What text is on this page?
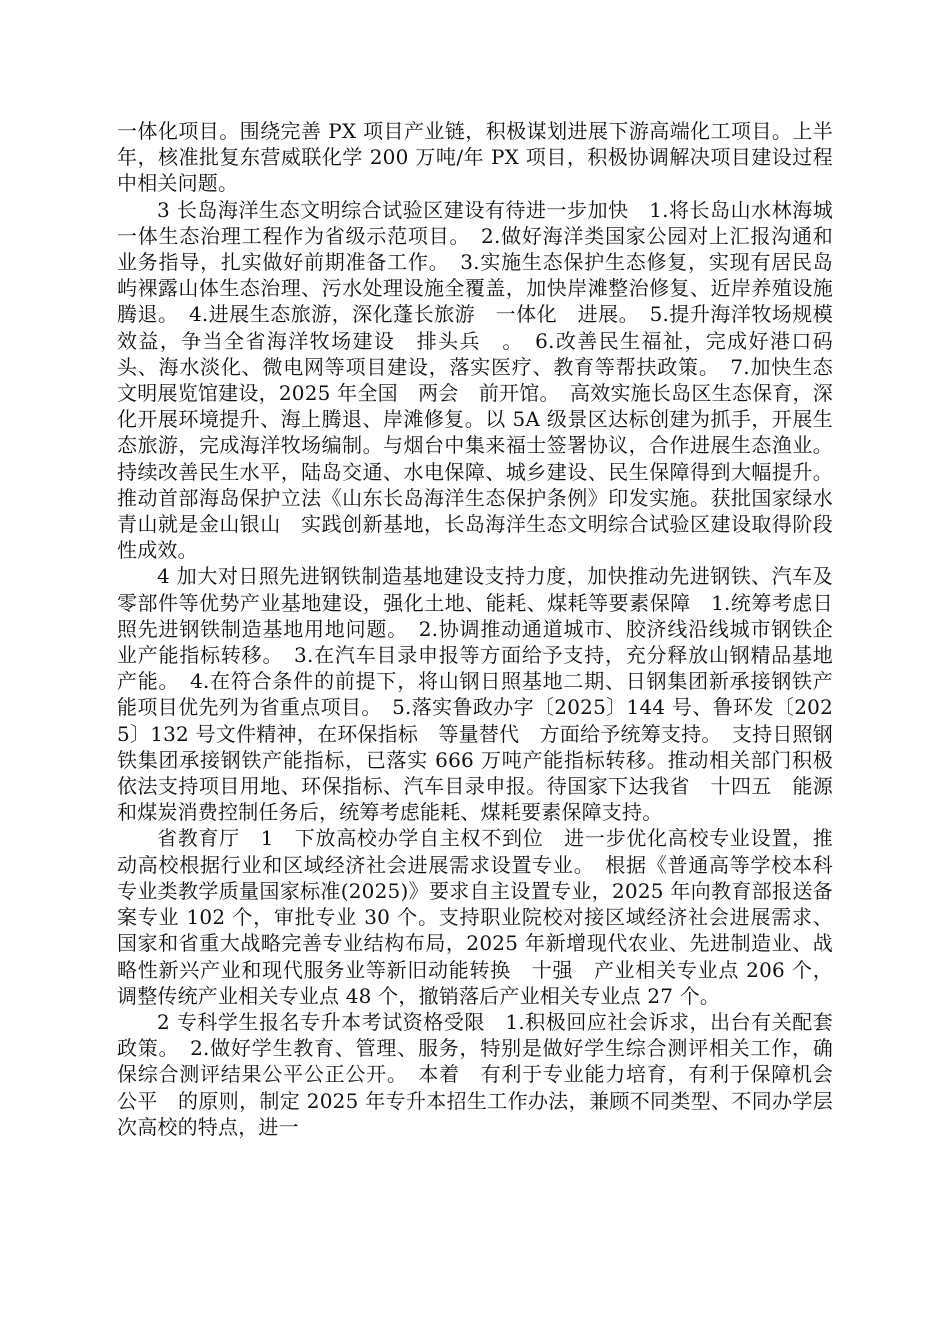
一体化项目。围绕完善 PX 项目产业链，积极谋划进展下游高端化工项目。上半年，核准批复东营威联化学 200 万吨/年 PX 项目，积极协调解决项目建设过程中相关问题。

3 长岛海洋生态文明综合试验区建设有待进一步加快　1.将长岛山水林海城一体生态治理工程作为省级示范项目。　2.做好海洋类国家公园对上汇报沟通和业务指导，扎实做好前期准备工作。　3.实施生态保护生态修复，实现有居民岛屿裸露山体生态治理、污水处理设施全覆盖，加快岸滩整治修复、近岸养殖设施腾退。　4.进展生态旅游，深化蓬长旅游　一体化　进展。　5.提升海洋牧场规模效益，争当全省海洋牧场建设　排头兵　。　6.改善民生福祉，完成好港口码头、海水淡化、微电网等项目建设，落实医疗、教育等帮扶政策。　7.加快生态文明展览馆建设，2025 年全国　两会　前开馆。　高效实施长岛区生态保育，深化开展环境提升、海上腾退、岸滩修复。以 5A 级景区达标创建为抓手，开展生态旅游，完成海洋牧场编制。与烟台中集来福士签署协议，合作进展生态渔业。持续改善民生水平，陆岛交通、水电保障、城乡建设、民生保障得到大幅提升。推动首部海岛保护立法《山东长岛海洋生态保护条例》印发实施。获批国家绿水青山就是金山银山　实践创新基地，长岛海洋生态文明综合试验区建设取得阶段性成效。

4 加大对日照先进钢铁制造基地建设支持力度，加快推动先进钢铁、汽车及零部件等优势产业基地建设，强化土地、能耗、煤耗等要素保障　1.统筹考虑日照先进钢铁制造基地用地问题。　2.协调推动通道城市、胶济线沿线城市钢铁企业产能指标转移。　3.在汽车目录申报等方面给予支持，充分释放山钢精品基地产能。　4.在符合条件的前提下，将山钢日照基地二期、日钢集团新承接钢铁产能项目优先列为省重点项目。　5.落实鲁政办字〔2025〕144 号、鲁环发〔2025〕132 号文件精神，在环保指标　等量替代　方面给予统筹支持。　支持日照钢铁集团承接钢铁产能指标，已落实 666 万吨产能指标转移。推动相关部门积极依法支持项目用地、环保指标、汽车目录申报。待国家下达我省　十四五　能源和煤炭消费控制任务后，统筹考虑能耗、煤耗要素保障支持。

省教育厅　1　下放高校办学自主权不到位　进一步优化高校专业设置，推动高校根据行业和区域经济社会进展需求设置专业。　根据《普通高等学校本科专业类教学质量国家标准(2025)》要求自主设置专业，2025 年向教育部报送备案专业 102 个，审批专业 30 个。支持职业院校对接区域经济社会进展需求、国家和省重大战略完善专业结构布局，2025 年新增现代农业、先进制造业、战略性新兴产业和现代服务业等新旧动能转换　十强　产业相关专业点 206 个，调整传统产业相关专业点 48 个，撤销落后产业相关专业点 27 个。

2 专科学生报名专升本考试资格受限　1.积极回应社会诉求，出台有关配套政策。　2.做好学生教育、管理、服务，特别是做好学生综合测评相关工作，确保综合测评结果公平公正公开。　本着　有利于专业能力培育，有利于保障机会公平　的原则，制定 2025 年专升本招生工作办法，兼顾不同类型、不同办学层次高校的特点，进一
